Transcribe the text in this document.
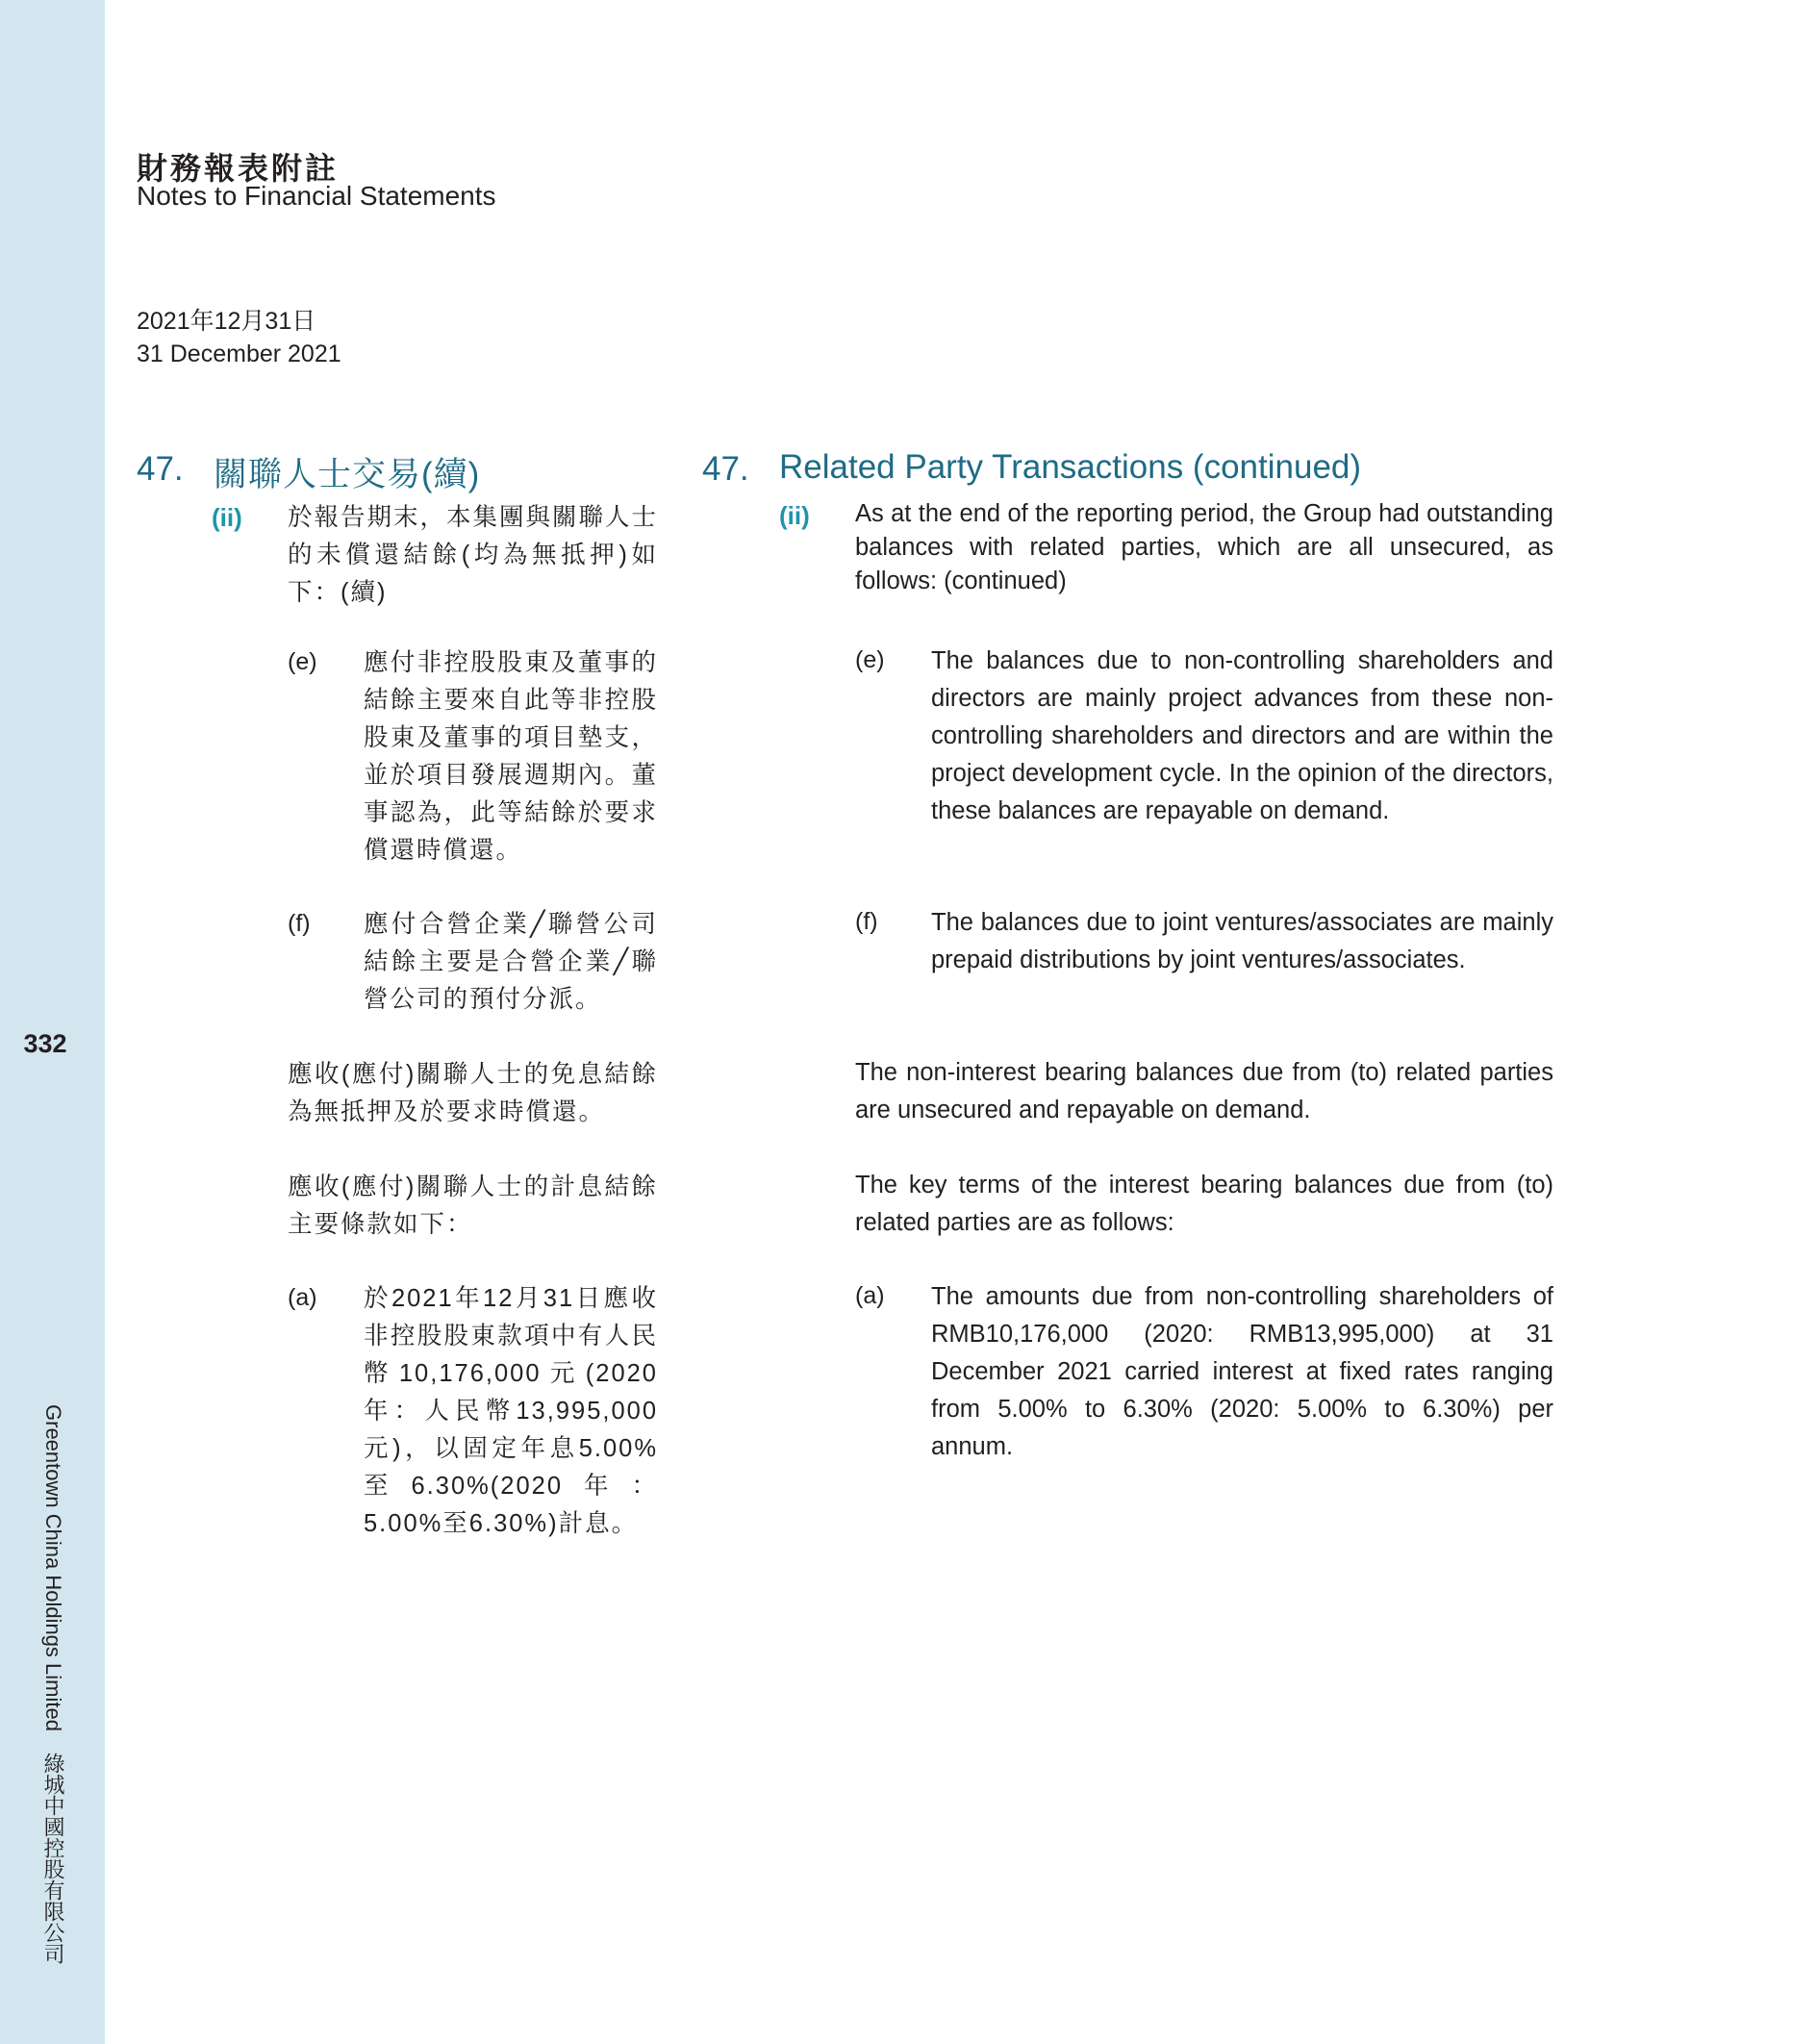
332
Greentown China Holdings Limited　綠城中國控股有限公司
財務報表附註
Notes to Financial Statements
2021年12月31日
31 December 2021
47. 關聯人士交易(續)
(ii) 於報告期末，本集團與關聯人士的未償還結餘(均為無抵押)如下：(續)
(e) 應付非控股股東及董事的結餘主要來自此等非控股股東及董事的項目墊支，並於項目發展週期內。董事認為，此等結餘於要求償還時償還。
(f) 應付合營企業╱聯營公司結餘主要是合營企業╱聯營公司的預付分派。
應收(應付)關聯人士的免息結餘為無抵押及於要求時償還。
應收(應付)關聯人士的計息結餘主要條款如下：
(a) 於2021年12月31日應收非控股股東款項中有人民幣10,176,000元(2020年：人民幣13,995,000元)，以固定年息5.00%至6.30%(2020年：5.00%至6.30%)計息。
47. Related Party Transactions (continued)
(ii) As at the end of the reporting period, the Group had outstanding balances with related parties, which are all unsecured, as follows: (continued)
(e) The balances due to non-controlling shareholders and directors are mainly project advances from these non-controlling shareholders and directors and are within the project development cycle. In the opinion of the directors, these balances are repayable on demand.
(f) The balances due to joint ventures/associates are mainly prepaid distributions by joint ventures/associates.
The non-interest bearing balances due from (to) related parties are unsecured and repayable on demand.
The key terms of the interest bearing balances due from (to) related parties are as follows:
(a) The amounts due from non-controlling shareholders of RMB10,176,000 (2020: RMB13,995,000) at 31 December 2021 carried interest at fixed rates ranging from 5.00% to 6.30% (2020: 5.00% to 6.30%) per annum.
